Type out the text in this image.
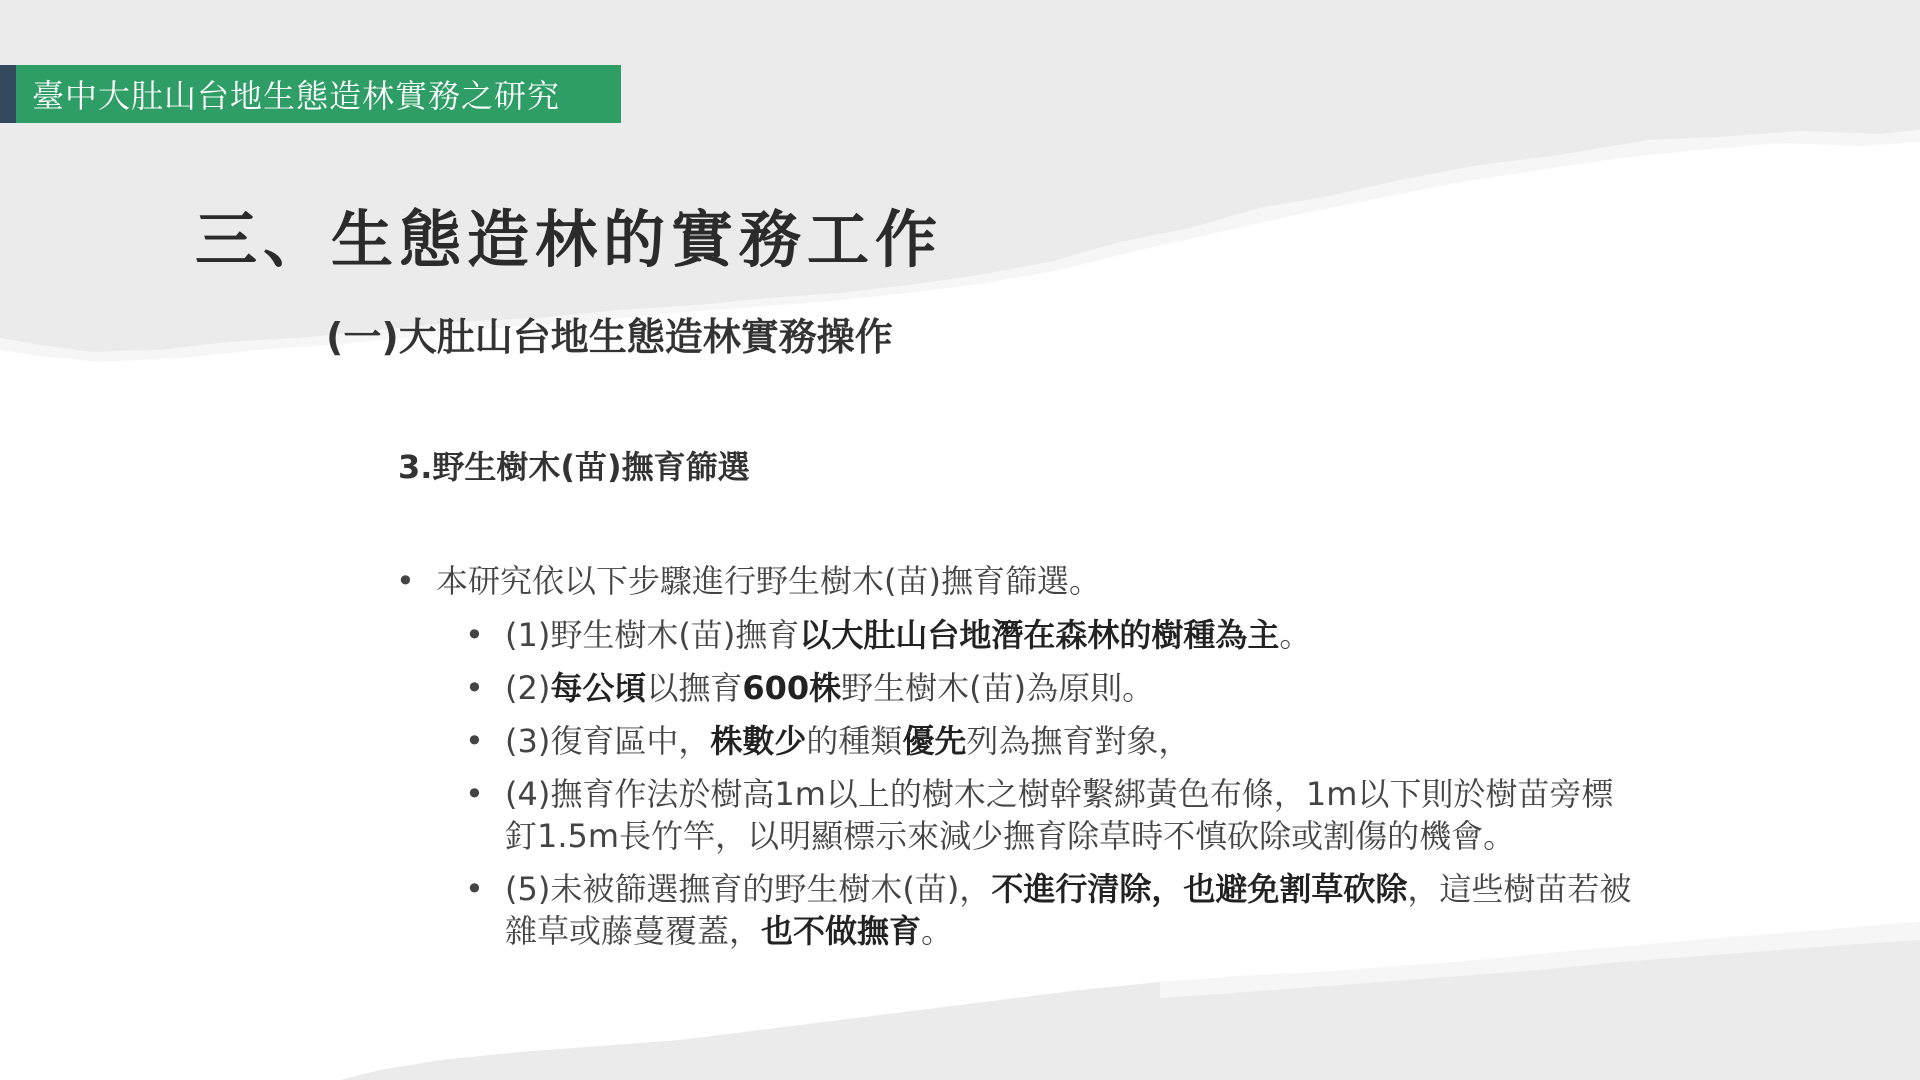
臺中大肚山台地生態造林實務之研究
三、生態造林的實務工作
(一)大肚山台地生態造林實務操作
3.野生樹木(苗)撫育篩選
• 本研究依以下步驟進行野生樹木(苗)撫育篩選。
• (1)野生樹木(苗)撫育以大肚山台地潛在森林的樹種為主。
• (2)每公頃以撫育600株野生樹木(苗)為原則。
• (3)復育區中，株數少的種類優先列為撫育對象，
• (4)撫育作法於樹高1m以上的樹木之樹幹繫綁黃色布條，1m以下則於樹苗旁標釘1.5m長竹竿，以明顯標示來減少撫育除草時不慎砍除或割傷的機會。
• (5)未被篩選撫育的野生樹木(苗)，不進行清除，也避免割草砍除，這些樹苗若被雜草或藤蔓覆蓋，也不做撫育。
